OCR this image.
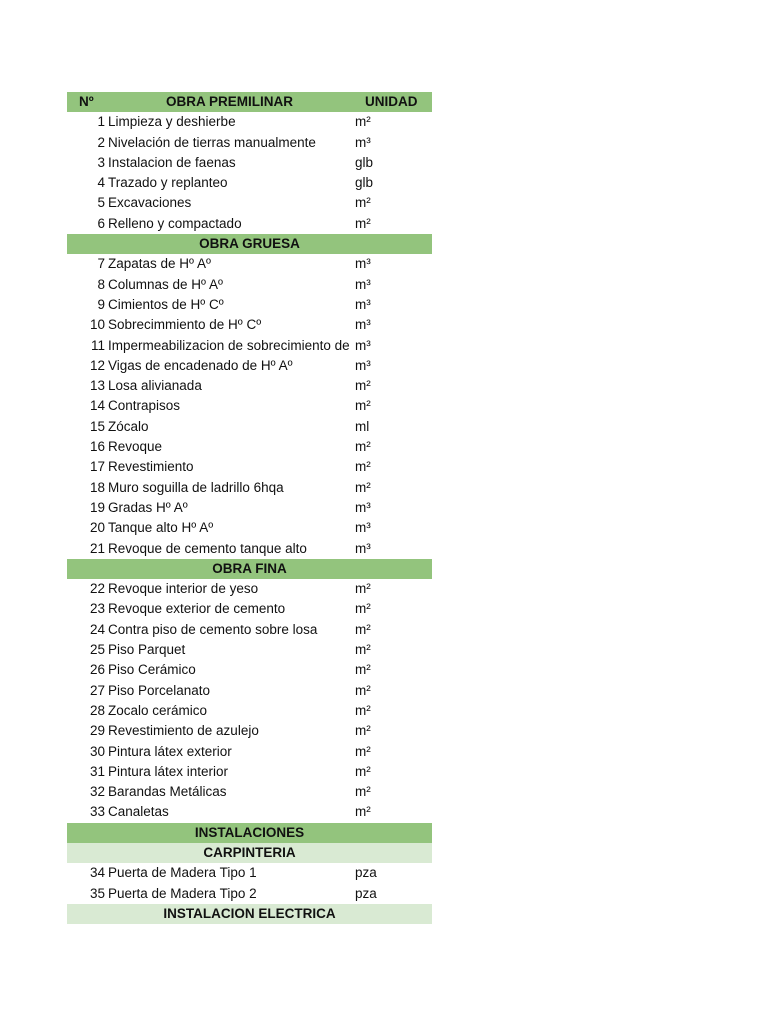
Nº	OBRA PREMILINAR	UNIDAD
1 Limpieza y deshierbe	m²
2 Nivelación de tierras manualmente	m³
3 Instalacion de faenas	glb
4 Trazado y replanteo	glb
5 Excavaciones	m²
6 Relleno y compactado	m²
OBRA GRUESA
7 Zapatas de Hº Aº	m³
8 Columnas de Hº Aº	m³
9 Cimientos de Hº Cº	m³
10 Sobrecimmiento de Hº Cº	m³
11 Impermeabilizacion de sobrecimiento de m³
12 Vigas de encadenado de Hº Aº	m³
13 Losa alivianada	m²
14 Contrapisos	m²
15 Zócalo	ml
16 Revoque	m²
17 Revestimiento	m²
18 Muro soguilla de ladrillo 6hqa	m²
19 Gradas Hº Aº	m³
20 Tanque alto Hº Aº	m³
21 Revoque de cemento tanque alto	m³
OBRA FINA
22 Revoque interior de yeso	m²
23 Revoque exterior de cemento	m²
24 Contra piso de cemento sobre losa	m²
25 Piso Parquet	m²
26 Piso Cerámico	m²
27 Piso Porcelanato	m²
28 Zocalo cerámico	m²
29 Revestimiento de azulejo	m²
30 Pintura látex exterior	m²
31 Pintura látex interior	m²
32 Barandas Metálicas	m²
33 Canaletas	m²
INSTALACIONES
CARPINTERIA
34 Puerta de Madera Tipo 1	pza
35 Puerta de Madera Tipo 2	pza
INSTALACION ELECTRICA
